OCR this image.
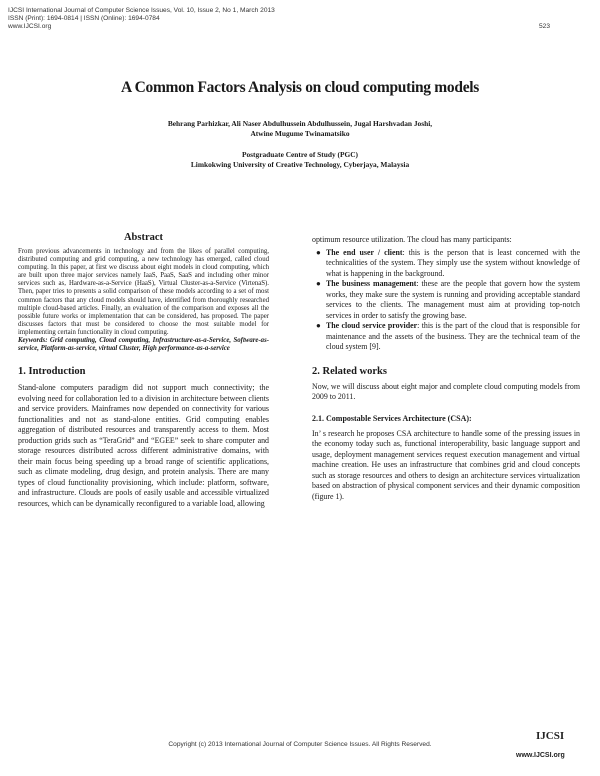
IJCSI International Journal of Computer Science Issues, Vol. 10, Issue 2, No 1, March 2013
ISSN (Print): 1694-0814 | ISSN (Online): 1694-0784
www.IJCSI.org	523
A Common Factors Analysis on cloud computing models
Behrang Parhizkar, Ali Naser Abdulhussein Abdulhussein, Jugal Harshvadan Joshi,
Atwine Mugume Twinamatsiko
Postgraduate Centre of Study (PGC)
Limkokwing University of Creative Technology, Cyberjaya, Malaysia
Abstract

From previous advancements in technology and from the likes of parallel computing, distributed computing and grid computing, a new technology has emerged, called cloud computing. In this paper, at first we discuss about eight models in cloud computing, which are built upon three major services namely IaaS, PaaS, SaaS and including other minor services such as, Hardware-as-a-Service (HaaS), Virtual Cluster-as-a-Service (VirtenaS). Then, paper tries to presents a solid comparison of these models according to a set of most common factors that any cloud models should have, identified from thoroughly researched multiple cloud-based articles. Finally, an evaluation of the comparison and exposes all the possible future works or implementation that can be considered, has proposed. The paper discusses factors that must be considered to choose the most suitable model for implementing certain functionality in cloud computing.

Keywords: Grid computing, Cloud computing, Infrastructure-as-a-Service, Software-as-service, Platform-as-service, virtual Cluster, High performance-as-a-service

1. Introduction

Stand-alone computers paradigm did not support much connectivity; the evolving need for collaboration led to a division in architecture between clients and service providers. Mainframes now depended on connectivity for various functionalities and not as stand-alone entities. Grid computing enables aggregation of distributed resources and transparently access to them. Most production grids such as “TeraGrid” and “EGEE” seek to share computer and storage resources distributed across different administrative domains, with their main focus being speeding up a broad range of scientific applications, such as climate modeling, drug design, and protein analysis. There are many types of cloud functionality provisioning, which include: platform, software, and infrastructure. Clouds are pools of easily usable and accessible virtualized resources, which can be dynamically reconfigured to a variable load, allowing

optimum resource utilization. The cloud has many participants:

● The end user / client: this is the person that is least concerned with the technicalities of the system. They simply use the system without knowledge of what is happening in the background.
● The business management: these are the people that govern how the system works, they make sure the system is running and providing acceptable standard services to the clients. The management must aim at providing top-notch services in order to satisfy the growing base.
● The cloud service provider: this is the part of the cloud that is responsible for maintenance and the assets of the business. They are the technical team of the cloud system [9].
2. Related works

Now, we will discuss about eight major and complete cloud computing models from 2009 to 2011.

2.1. Compostable Services Architecture (CSA):

In’ s research he proposes CSA architecture to handle some of the pressing issues in the economy today such as, functional interoperability, basic language support and usage, deployment management services request execution management and virtual machine creation. He uses an infrastructure that combines grid and cloud concepts such as storage resources and others to design an architecture services virtualization based on abstraction of physical component services and their dynamic composition (figure 1).

Copyright (c) 2013 International Journal of Computer Science Issues. All Rights Reserved.
IJCSI
www.IJCSI.org
